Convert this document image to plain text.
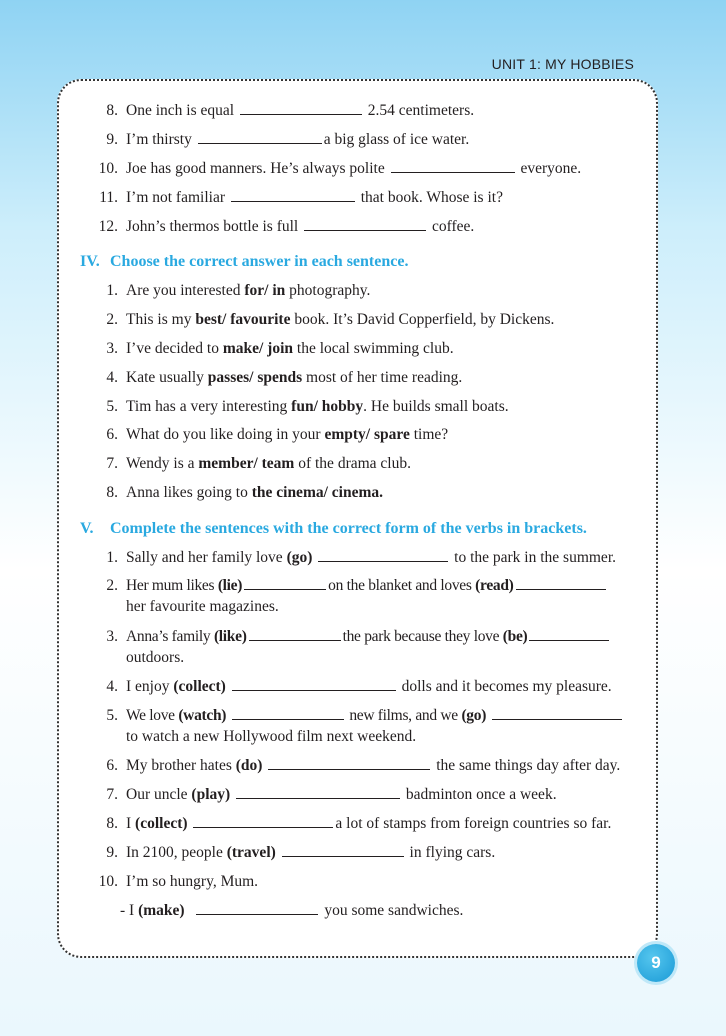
UNIT 1: MY HOBBIES
8. One inch is equal	2.54 centimeters.
9. I’m thirsty	a big glass of ice water.
10. Joe has good manners. He’s always polite	everyone.
11. I’m not familiar	that book. Whose is it?
12. John’s thermos bottle is full	coffee.
IV. Choose the correct answer in each sentence.
1. Are you interested for/ in photography.
2. This is my best/ favourite book. It’s David Copperfield, by Dickens.
3. I’ve decided to make/ join the local swimming club.
4. Kate usually passes/ spends most of her time reading.
5. Tim has a very interesting fun/ hobby. He builds small boats.
6. What do you like doing in your empty/ spare time?
7. Wendy is a member/ team of the drama club.
8. Anna likes going to the cinema/ cinema.
V. Complete the sentences with the correct form of the verbs in brackets.
1. Sally and her family love (go)	to the park in the summer.
2. Her mum likes (lie)	on the blanket and loves (read)
her favourite magazines.
3. Anna’s family (like)	the park because they love (be)
outdoors.
4. I enjoy (collect)	dolls and it becomes my pleasure.
5. We love (watch)	new films, and we (go)
to watch a new Hollywood film next weekend.
6. My brother hates (do)	the same things day after day.
7. Our uncle (play)	badminton once a week.
8. I (collect)	a lot of stamps from foreign countries so far.
9. In 2100, people (travel)	in flying cars.
10. I’m so hungry, Mum.
- I (make)	you some sandwiches.
9
